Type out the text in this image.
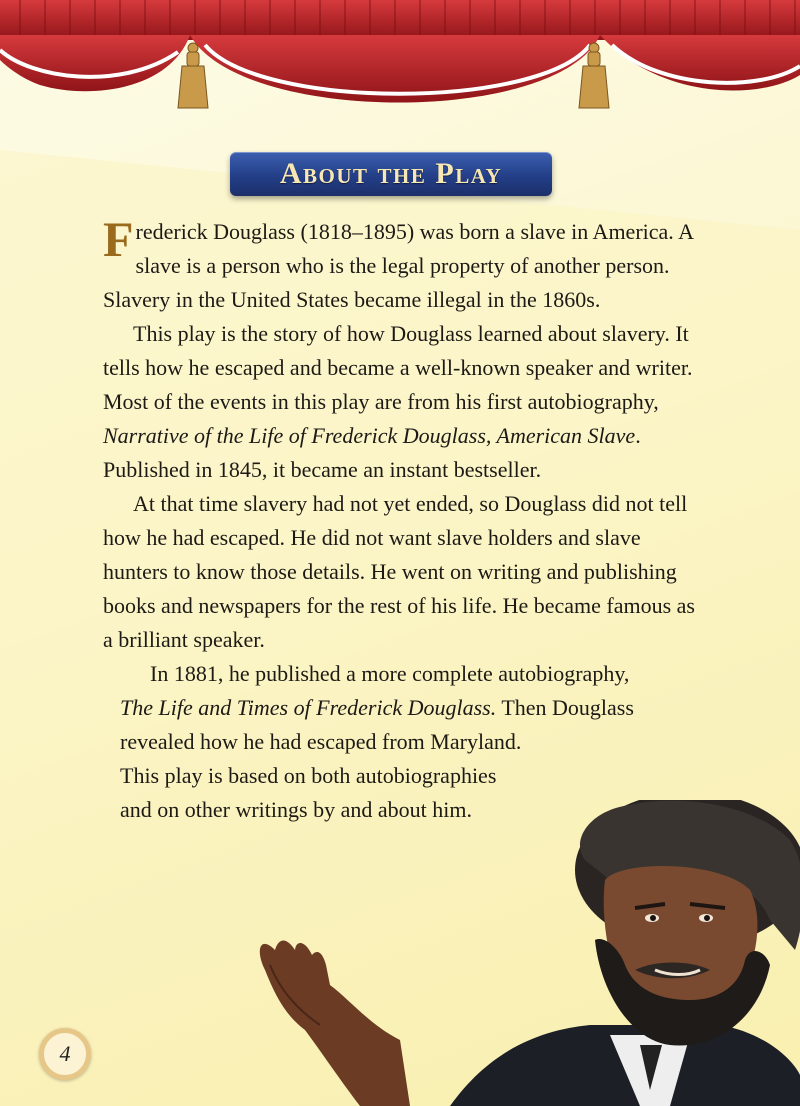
About the Play

Frederick Douglass (1818–1895) was born a slave in America. A slave is a person who is the legal property of another person. Slavery in the United States became illegal in the 1860s.

This play is the story of how Douglass learned about slavery. It tells how he escaped and became a well-known speaker and writer. Most of the events in this play are from his first autobiography, Narrative of the Life of Frederick Douglass, American Slave. Published in 1845, it became an instant bestseller.

At that time slavery had not yet ended, so Douglass did not tell how he had escaped. He did not want slave holders and slave hunters to know those details. He went on writing and publishing books and newspapers for the rest of his life. He became famous as a brilliant speaker.

In 1881, he published a more complete autobiography,
The Life and Times of Frederick Douglass. Then Douglass
revealed how he had escaped from Maryland.
This play is based on both autobiographies
and on other writings by and about him.

4
